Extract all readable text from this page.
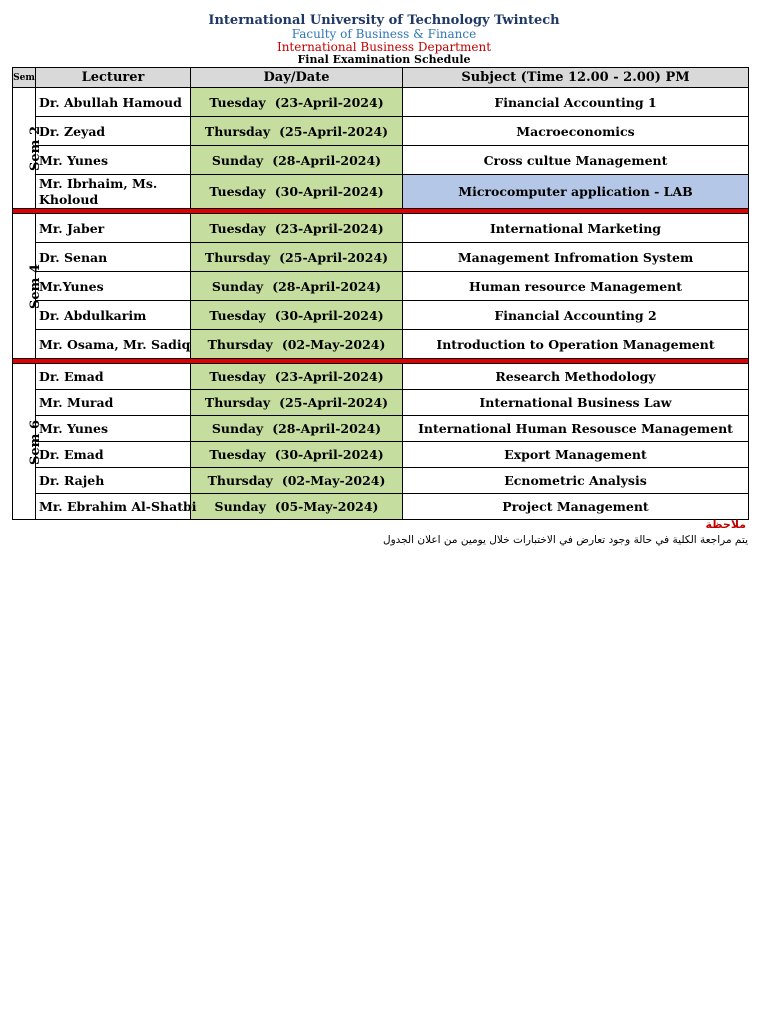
International University of Technology Twintech
Faculty of Business & Finance
International Business Department
Final Examination Schedule
Sem	Lecturer	Day/Date	Subject (Time 12.00 - 2.00) PM
Sem 2	Dr. Abullah Hamoud	Tuesday (23-April-2024)	Financial Accounting 1
	Dr. Zeyad	Thursday (25-April-2024)	Macroeconomics
	Mr. Yunes	Sunday (28-April-2024)	Cross cultue Management
	Mr. Ibrhaim, Ms. Kholoud	Tuesday (30-April-2024)	Microcomputer application - LAB

Sem 4	Mr. Jaber	Tuesday (23-April-2024)	International Marketing
	Dr. Senan	Thursday (25-April-2024)	Management Infromation System
	Mr.Yunes	Sunday (28-April-2024)	Human resource Management
	Dr. Abdulkarim	Tuesday (30-April-2024)	Financial Accounting 2
	Mr. Osama, Mr. Sadiq	Thursday (02-May-2024)	Introduction to Operation Management

Sem 6	Dr. Emad	Tuesday (23-April-2024)	Research Methodology
	Mr. Murad	Thursday (25-April-2024)	International Business Law
	Mr. Yunes	Sunday (28-April-2024)	International Human Resousce Management
	Dr. Emad	Tuesday (30-April-2024)	Export Management
	Dr. Rajeh	Thursday (02-May-2024)	Ecnometric Analysis
	Mr. Ebrahim Al-Shatbi	Sunday (05-May-2024)	Project Management
ملاحظة
يتم مراجعة الكلية في حالة وجود تعارض في الاختبارات خلال يومين من اعلان الجدول
